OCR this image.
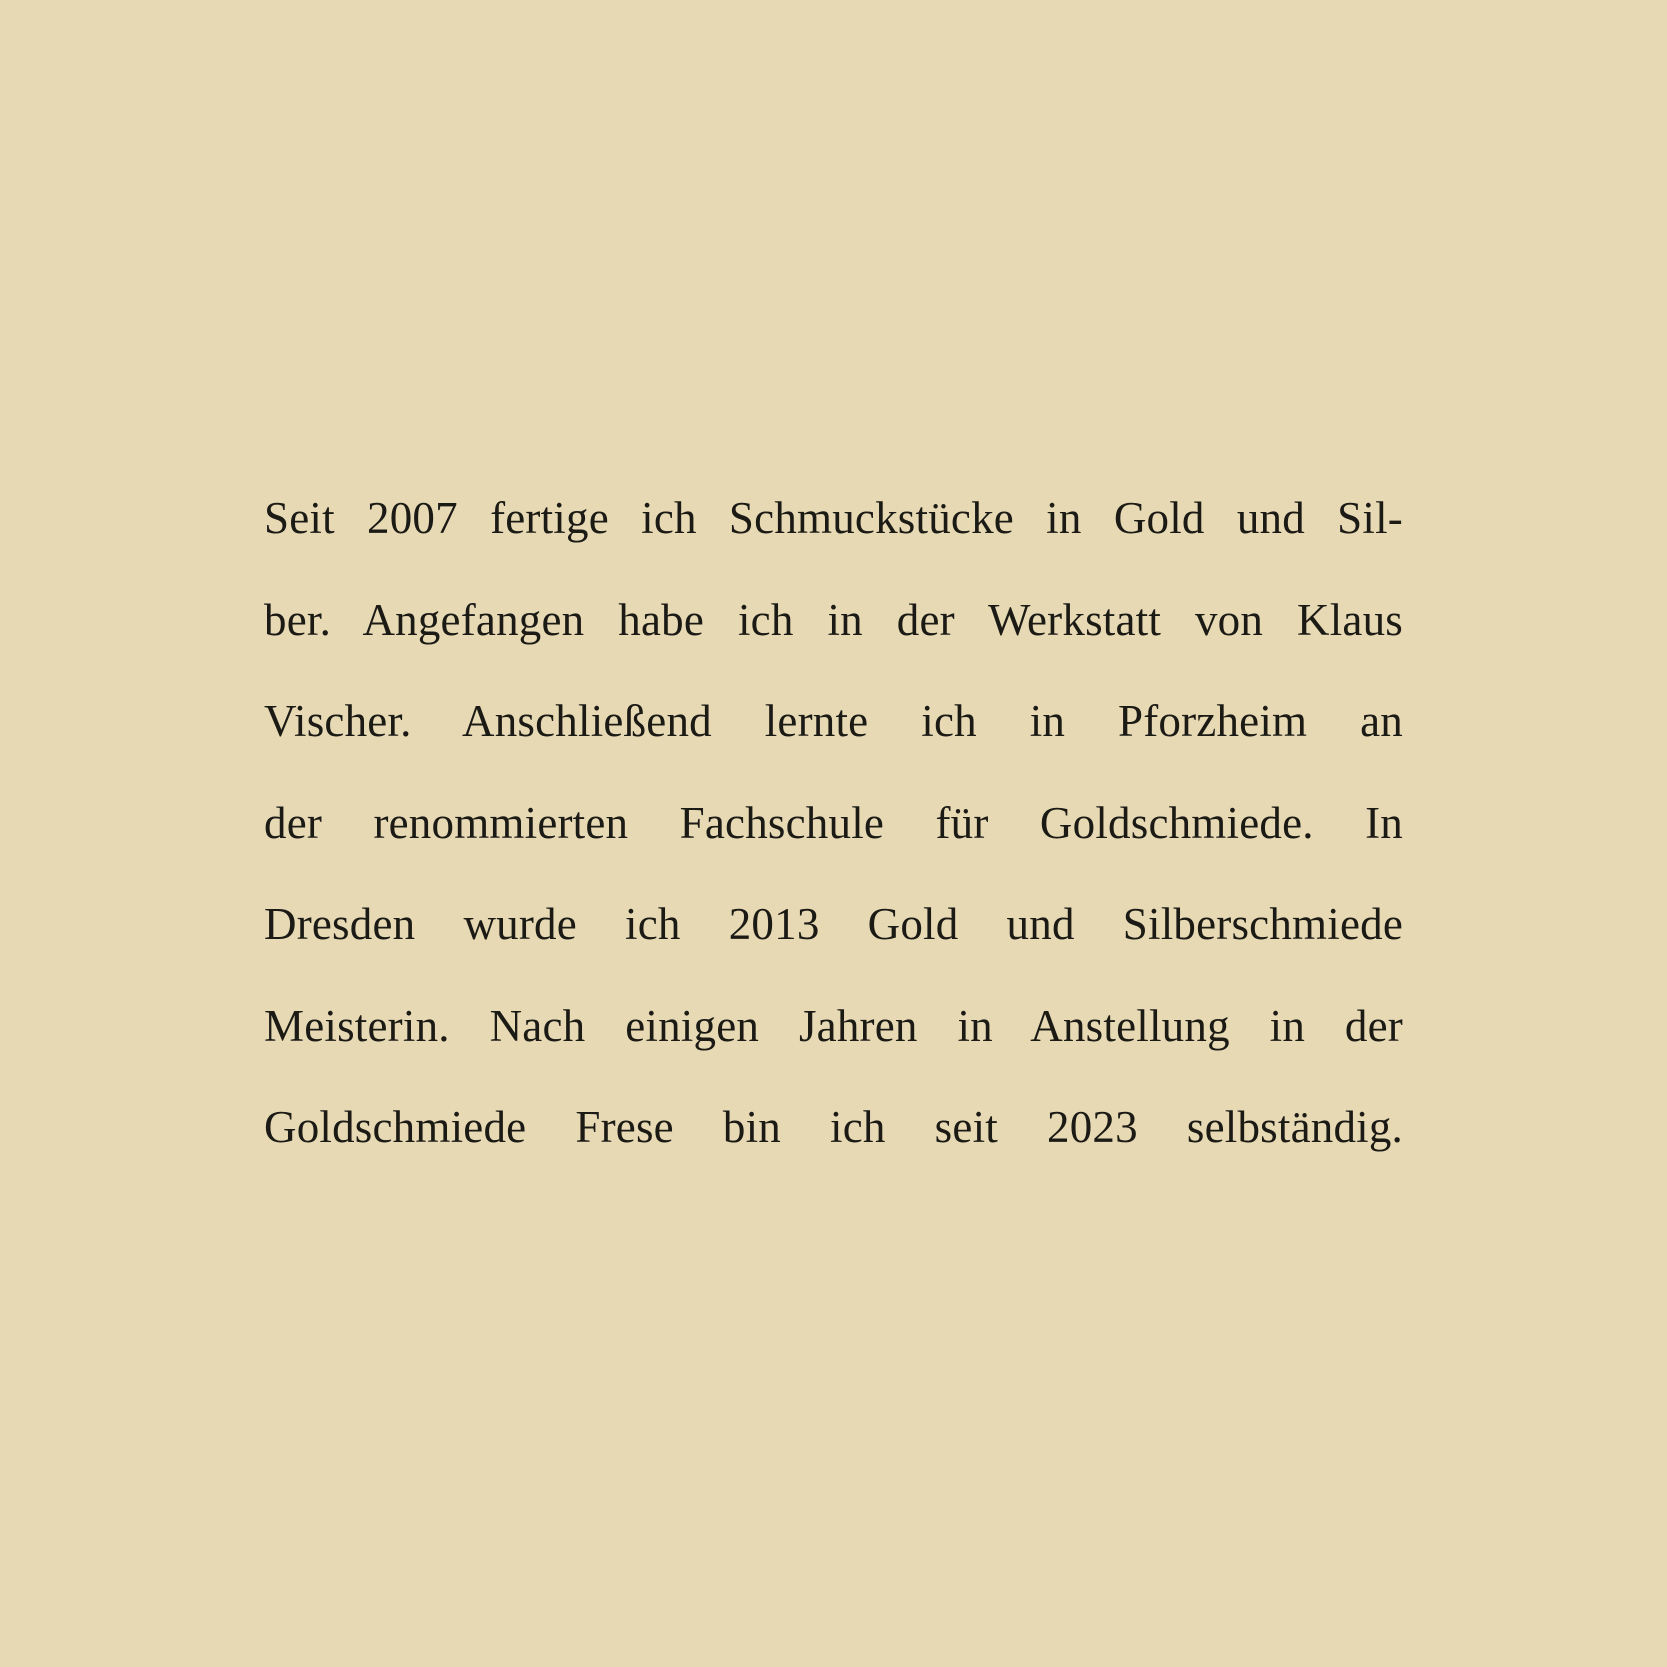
Seit 2007 fertige ich Schmuckstücke in Gold und Sil-
ber. Angefangen habe ich in der Werkstatt von Klaus
Vischer. Anschließend lernte ich in Pforzheim an
der renommierten Fachschule für Goldschmiede. In
Dresden wurde ich 2013 Gold und Silberschmiede
Meisterin. Nach einigen Jahren in Anstellung in der
Goldschmiede Frese bin ich seit 2023 selbständig.
